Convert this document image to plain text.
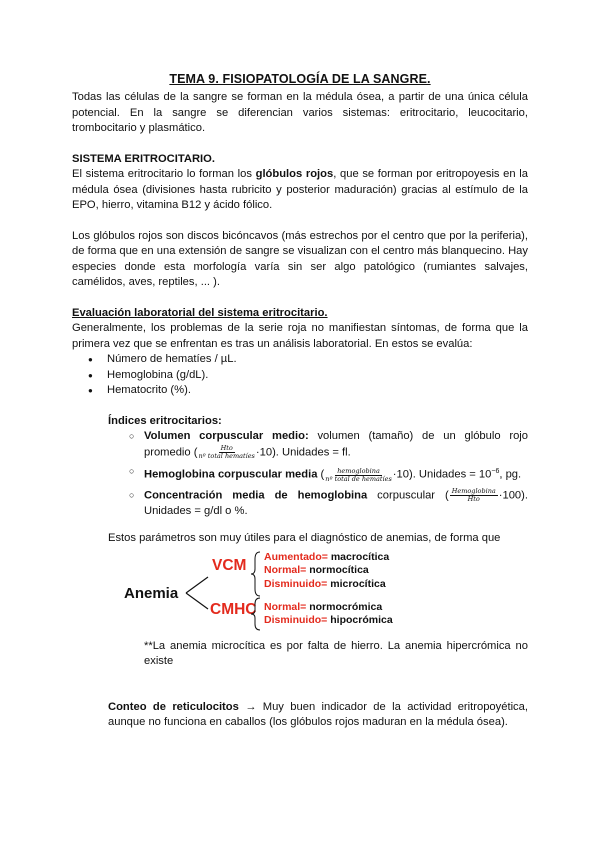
TEMA 9. FISIOPATOLOGÍA DE LA SANGRE.

Todas las células de la sangre se forman en la médula ósea, a partir de una única célula potencial. En la sangre se diferencian varios sistemas: eritrocitario, leucocitario, trombocitario y plasmático.

SISTEMA ERITROCITARIO.

El sistema eritrocitario lo forman los glóbulos rojos, que se forman por eritropoyesis en la médula ósea (divisiones hasta rubricito y posterior maduración) gracias al estímulo de la EPO, hierro, vitamina B12 y ácido fólico.

Los glóbulos rojos son discos bicóncavos (más estrechos por el centro que por la periferia), de forma que en una extensión de sangre se visualizan con el centro más blanquecino. Hay especies donde esta morfología varía sin ser algo patológico (rumiantes salvajes, camélidos, aves, reptiles, ... ).

Evaluación laboratorial del sistema eritrocitario.

Generalmente, los problemas de la serie roja no manifiestan síntomas, de forma que la primera vez que se enfrentan es tras un análisis laboratorial. En estos se evalúa:

● Número de hematíes / µL.
● Hemoglobina (g/dL).
● Hematocrito (%).

Índices eritrocitarios:

○ Volumen corpuscular medio: volumen (tamaño) de un glóbulo rojo promedio ( $\frac{\text{Hto}}{\text{nº total hematíes}} \cdot 10$). Unidades = fl.
○ Hemoglobina corpuscular media ( $\frac{\text{hemoglobina}}{\text{nº total de hematíes}} \cdot 10$). Unidades = $10^{-6}$, pg.
○ Concentración media de hemoglobina corpuscular ( $\frac{\text{Hemoglobina}}{\text{Hto}} \cdot 100$). Unidades = g/dl o %.

Estos parámetros son muy útiles para el diagnóstico de anemias, de forma que

Anemia
VCM
CMHC
Aumentado= macrocítica
Normal= normocítica
Disminuido= microcítica
Normal= normocrómica
Disminuido= hipocrómica

**La anemia microcítica es por falta de hierro. La anemia hipercrómica no existe

Conteo de reticulocitos → Muy buen indicador de la actividad eritropoyética, aunque no funciona en caballos (los glóbulos rojos maduran en la médula ósea).
